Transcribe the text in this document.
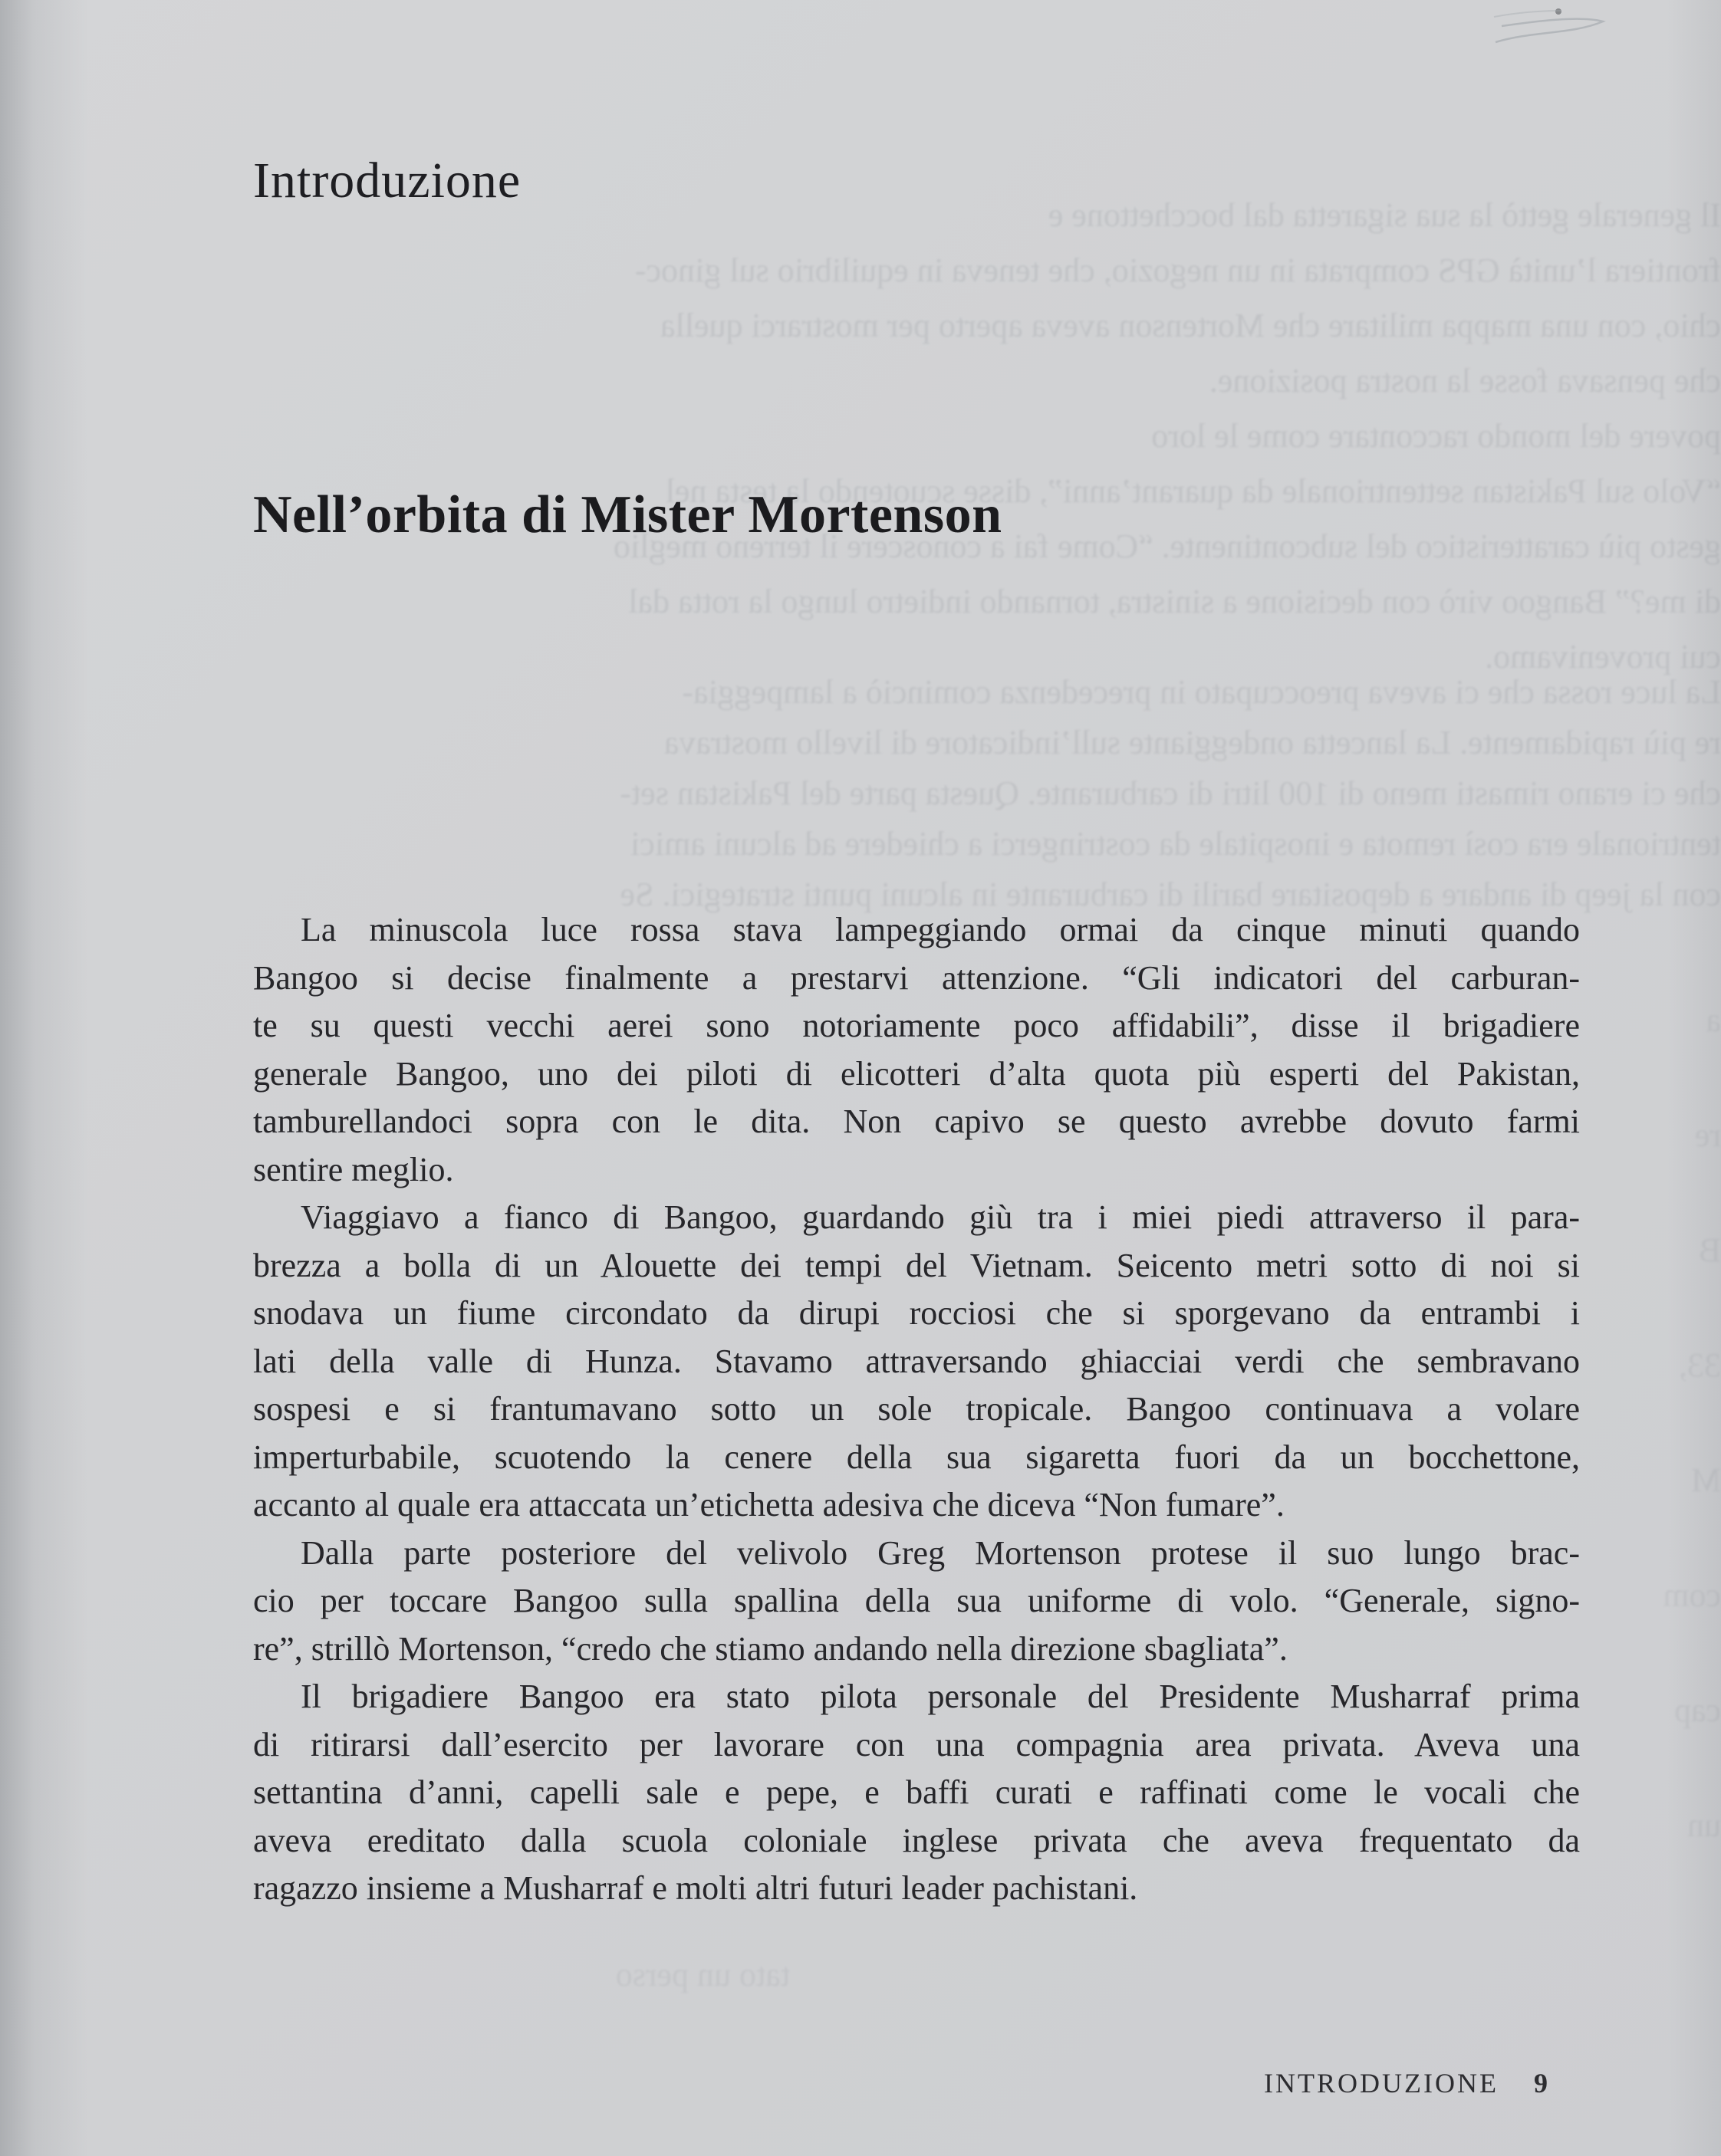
Il generale gettò la sua sigaretta dal bocchettone e
frontiera l’unità GPS comprata in un negozio, che teneva in equilibrio sul ginoc-
chio, con una mappa militare che Mortenson aveva aperto per mostrarci quella
che pensava fosse la nostra posizione.
povere del mondo raccontare come le loro
“Volo sul Pakistan settentrionale da quarant’anni”, disse scuotendo la testa nel
gesto più caratteristico del subcontinente. “Come fai a conoscere il terreno meglio
di me?” Bangoo virò con decisione a sinistra, tornando indietro lungo la rotta dal
cui provenivamo.
La luce rossa che ci aveva preoccupato in precedenza cominciò a lampeggia-
re più rapidamente. La lancetta ondeggiante sull’indicatore di livello mostrava
che ci erano rimasti meno di 100 litri di carburante. Questa parte del Pakistan set-
tentrionale era così remota e inospitale da costringerci a chiedere ad alcuni amici
con la jeep di andare a depositare barili di carburante in alcuni punti strategici. Se
a
re
B
33,
M
com
cap
un
tato un perso
Introduzione
Nell’orbita di Mister Mortenson
La minuscola luce rossa stava lampeggiando ormai da cinque minuti quando
Bangoo si decise finalmente a prestarvi attenzione. “Gli indicatori del carburan-
te su questi vecchi aerei sono notoriamente poco affidabili”, disse il brigadiere
generale Bangoo, uno dei piloti di elicotteri d’alta quota più esperti del Pakistan,
tamburellandoci sopra con le dita. Non capivo se questo avrebbe dovuto farmi
sentire meglio.
Viaggiavo a fianco di Bangoo, guardando giù tra i miei piedi attraverso il para-
brezza a bolla di un Alouette dei tempi del Vietnam. Seicento metri sotto di noi si
snodava un fiume circondato da dirupi rocciosi che si sporgevano da entrambi i
lati della valle di Hunza. Stavamo attraversando ghiacciai verdi che sembravano
sospesi e si frantumavano sotto un sole tropicale. Bangoo continuava a volare
imperturbabile, scuotendo la cenere della sua sigaretta fuori da un bocchettone,
accanto al quale era attaccata un’etichetta adesiva che diceva “Non fumare”.
Dalla parte posteriore del velivolo Greg Mortenson protese il suo lungo brac-
cio per toccare Bangoo sulla spallina della sua uniforme di volo. “Generale, signo-
re”, strillò Mortenson, “credo che stiamo andando nella direzione sbagliata”.
Il brigadiere Bangoo era stato pilota personale del Presidente Musharraf prima
di ritirarsi dall’esercito per lavorare con una compagnia area privata. Aveva una
settantina d’anni, capelli sale e pepe, e baffi curati e raffinati come le vocali che
aveva ereditato dalla scuola coloniale inglese privata che aveva frequentato da
ragazzo insieme a Musharraf e molti altri futuri leader pachistani.
INTRODUZIONE 9
